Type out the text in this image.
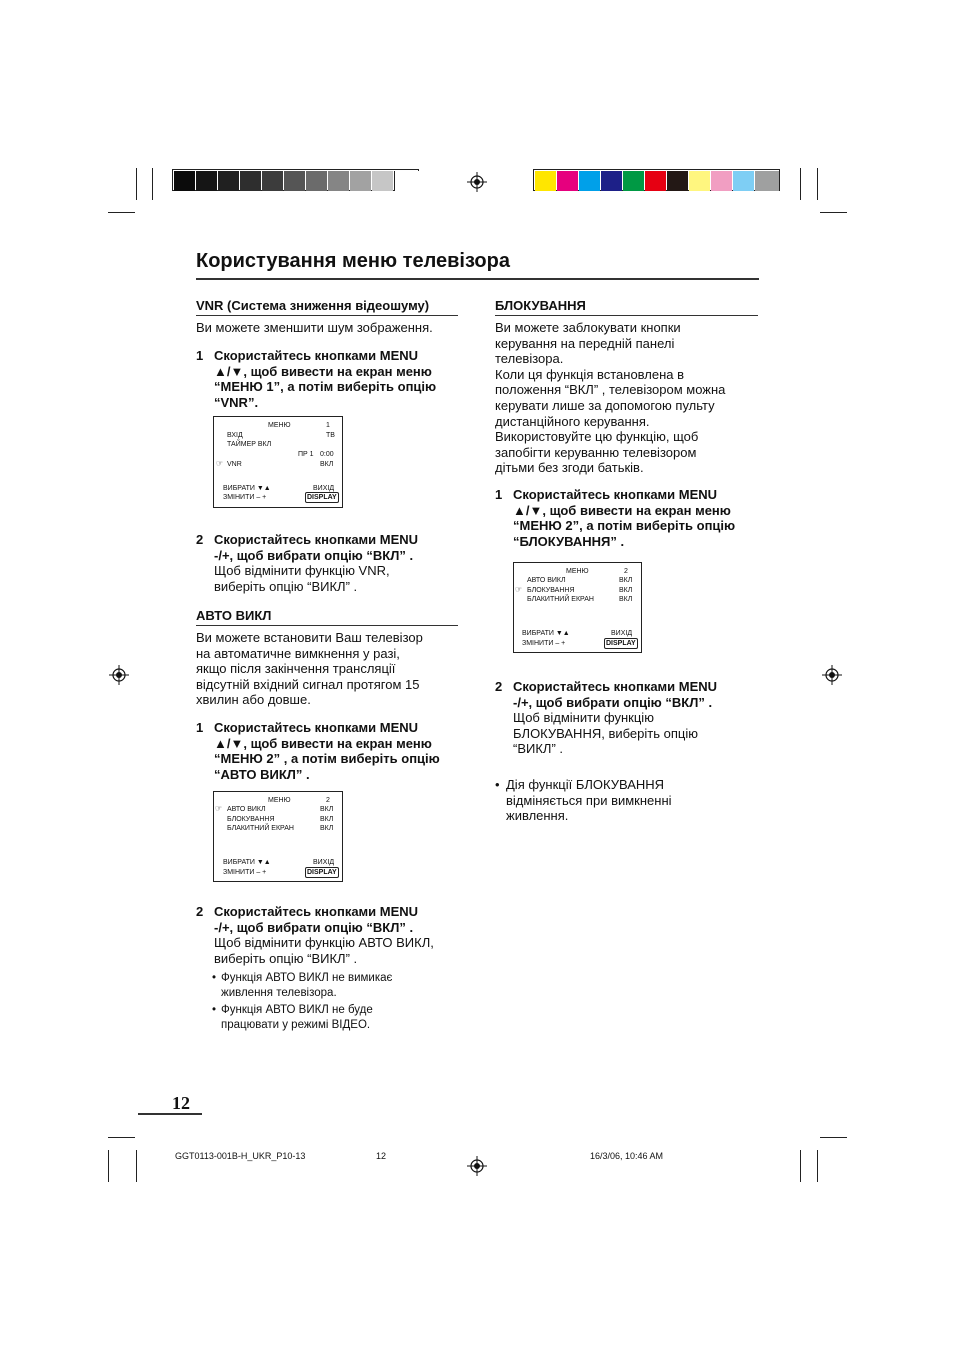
Користування меню телевізора
VNR (Система зниження відеошуму)
Ви можете зменшити шум зображення.
1 Скористайтесь кнопками MENU
▲/▼, щоб вивести на екран меню
“МЕНЮ 1”, а потім виберіть опцію
“VNR”.
МЕНЮ	1
ВХІД	ТВ
ТАЙМЕР ВКЛ
ПР 1 0:00
☞ VNR	ВКЛ
ВИБРАТИ ▼▲	ВИХІД
ЗМІНИТИ – +	DISPLAY
2 Скористайтесь кнопками MENU
-/+, щоб вибрати опцію “ВКЛ” .
Щоб відмінити функцію VNR,
виберіть опцію “ВИКЛ” .
АВТО ВИКЛ
Ви можете встановити Ваш телевізор
на автоматичне вимкнення у разі,
якщо після закінчення трансляції
відсутній вхідний сигнал протягом 15
хвилин або довше.
1 Скористайтесь кнопками MENU
▲/▼, щоб вивести на екран меню
“МЕНЮ 2” , а потім виберіть опцію
“АВТО ВИКЛ” .
МЕНЮ	2
☞ АВТО ВИКЛ	ВКЛ
БЛОКУВАННЯ	ВКЛ
БЛАКИТНИЙ ЕКРАН	ВКЛ
ВИБРАТИ ▼▲	ВИХІД
ЗМІНИТИ – +	DISPLAY
2 Скористайтесь кнопками MENU
-/+, щоб вибрати опцію “ВКЛ” .
Щоб відмінити функцію АВТО ВИКЛ,
виберіть опцію “ВИКЛ” .

• Функція АВТО ВИКЛ не вимикає
живлення телевізора.

• Функція АВТО ВИКЛ не буде
працювати у режимі ВІДЕО.

БЛОКУВАННЯ
Ви можете заблокувати кнопки
керування на передній панелі
телевізора.
Коли ця функція встановлена в
положення “ВКЛ” , телевізором можна
керувати лише за допомогою пульту
дистанційного керування.
Використовуйте цю функцію, щоб
запобігти керуванню телевізором
дітьми без згоди батьків.
1 Скористайтесь кнопками MENU
▲/▼, щоб вивести на екран меню
“МЕНЮ 2”, а потім виберіть опцію
“БЛОКУВАННЯ” .
МЕНЮ	2
АВТО ВИКЛ	ВКЛ
☞ БЛОКУВАННЯ	ВКЛ
БЛАКИТНИЙ ЕКРАН	ВКЛ
ВИБРАТИ ▼▲	ВИХІД
ЗМІНИТИ – +	DISPLAY
2 Скористайтесь кнопками MENU
-/+, щоб вибрати опцію “ВКЛ” .
Щоб відмінити функцію
БЛОКУВАННЯ, виберіть опцію
“ВИКЛ” .

• Дія функції БЛОКУВАННЯ
відміняється при вимкненні
живлення.

12
GGT0113-001B-H_UKR_P10-13	12	16/3/06, 10:46 AM
